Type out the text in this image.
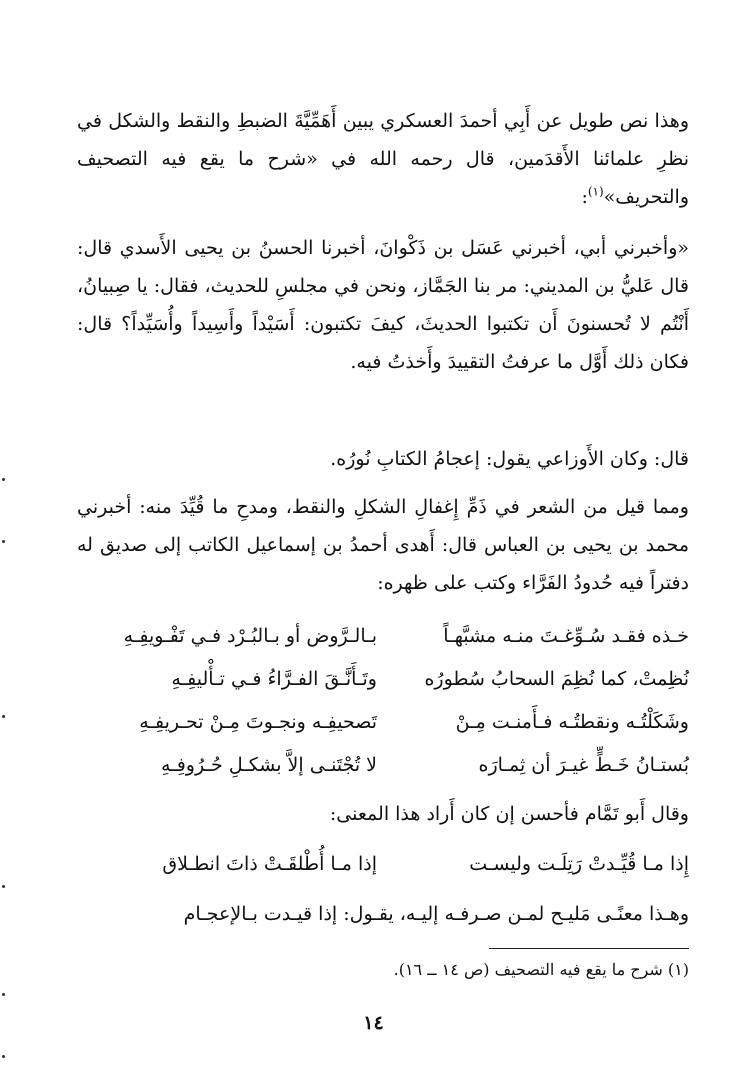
وهذا نص طويل عن أَبِي أحمدَ العسكري يبين أَهَمِّيَّةَ الضبطِ والنقط والشكل في نظرِ علمائنا الأَقدَمين، قال رحمه الله في «شرح ما يقع فيه التصحيف والتحريف»$^{(١)}$:
«وأخبرني أبي، أخبرني عَسَل بن ذَكْوانَ، أخبرنا الحسنُ بن يحيى الأَسدي قال: قال عَليُّ بن المديني: مر بنا الجَمَّاز، ونحن في مجلسِ للحديث، فقال: يا صِبيانُ، أَنْتُم لا تُحسنونَ أَن تكتبوا الحديثَ، كيفَ تكتبون: أَسَيْداً وأَسِيداً وأُسَيِّداً؟ قال: فكان ذلك أَوَّل ما عرفتُ التقييدَ وأَخذتُ فيه.
قال: وكان الأَوزاعي يقول: إعجامُ الكتابِ نُورُه.
ومما قيل من الشعر في ذَمِّ إِغفالِ الشكلِ والنقط، ومدحِ ما قُيِّدَ منه: أخبرني محمد بن يحيى بن العباس قال: أَهدى أحمدُ بن إسماعيل الكاتب إلى صديق له دفتراً فيه حُدودُ الفَرَّاء وكتب على ظهره:
خـذه فقـد سُـوِّغـتَ منـه مشبَّهـاً
بـالـرَّوض أو بـالبُـرْد فـي تَفْـويفِـهِ
نُظِمتْ، كما نُظِمَ السحابُ سُطورُه
وتَـأَنَّـقَ الفـرَّاءُ فـي تـأْليفِـهِ
وشَكَلْتُـه ونقطتُـه فـأَمنـت مِـنْ
تَصحيفِـه ونجـوتَ مِـنْ تحـريفِـهِ
بُستـانُ خَـطٍّ غيـرَ أن ثِمـارَه
لا تُجْتَنـى إلاَّ بشكـلِ حُـرُوفِـهِ
وقال أَبو تَمَّام فأحسن إن كان أَراد هذا المعنى:
إِذا مـا قُيِّـدتْ رَتِلَـت وليسـت
إذا مـا أُطْلقَـتْ ذاتَ انطـلاق
وهـذا معنًـى مَليـح لمـن صـرفـه إليـه، يقـول: إذا قيـدت بـالإعجـام
(١) شرح ما يقع فيه التصحيف (ص ١٤ ــ ١٦).
١٤
